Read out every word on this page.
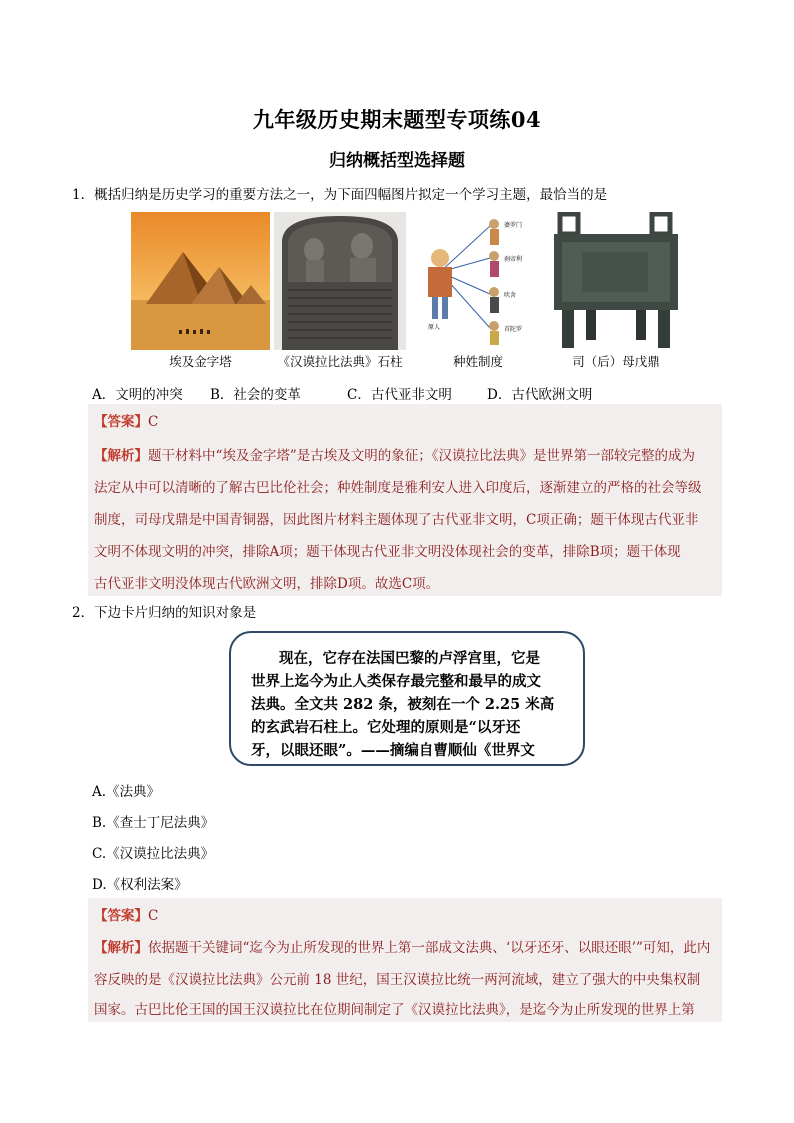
九年级历史期末题型专项练04
归纳概括型选择题
1．概括归纳是历史学习的重要方法之一，为下面四幅图片拟定一个学习主题，最恰当的是
埃及金字塔	《汉谟拉比法典》石柱
婆罗门
刹帝利
吠舍
首陀罗
原人
种姓制度	司（后）母戊鼎
A．文明的冲突 B．社会的变革	C．古代亚非文明	D．古代欧洲文明
【答案】C
【解析】题干材料中“埃及金字塔”是古埃及文明的象征；《汉谟拉比法典》是世界第一部较完整的成为
法定从中可以清晰的了解古巴比伦社会；种姓制度是雅利安人进入印度后，逐渐建立的严格的社会等级
制度，司母戊鼎是中国青铜器，因此图片材料主题体现了古代亚非文明，C项正确；题干体现古代亚非
文明不体现文明的冲突，排除A项；题干体现古代亚非文明没体现社会的变革，排除B项；题干体现
古代亚非文明没体现古代欧洲文明，排除D项。故选C项。
2．下边卡片归纳的知识对象是
现在，它存在法国巴黎的卢浮宫里，它是
世界上迄今为止人类保存最完整和最早的成文
法典。全文共 282 条，被刻在一个 2.25 米高
的玄武岩石柱上。它处理的原则是“以牙还
牙，以眼还眼”。——摘编自曹顺仙《世界文
A.《法典》
B.《查士丁尼法典》
C.《汉谟拉比法典》
D.《权利法案》
【答案】C
【解析】依据题干关键词“迄今为止所发现的世界上第一部成文法典、‘以牙还牙、以眼还眼’”可知，此内
容反映的是《汉谟拉比法典》公元前 18 世纪，国王汉谟拉比统一两河流域，建立了强大的中央集权制
国家。古巴比伦王国的国王汉谟拉比在位期间制定了《汉谟拉比法典》，是迄今为止所发现的世界上第
